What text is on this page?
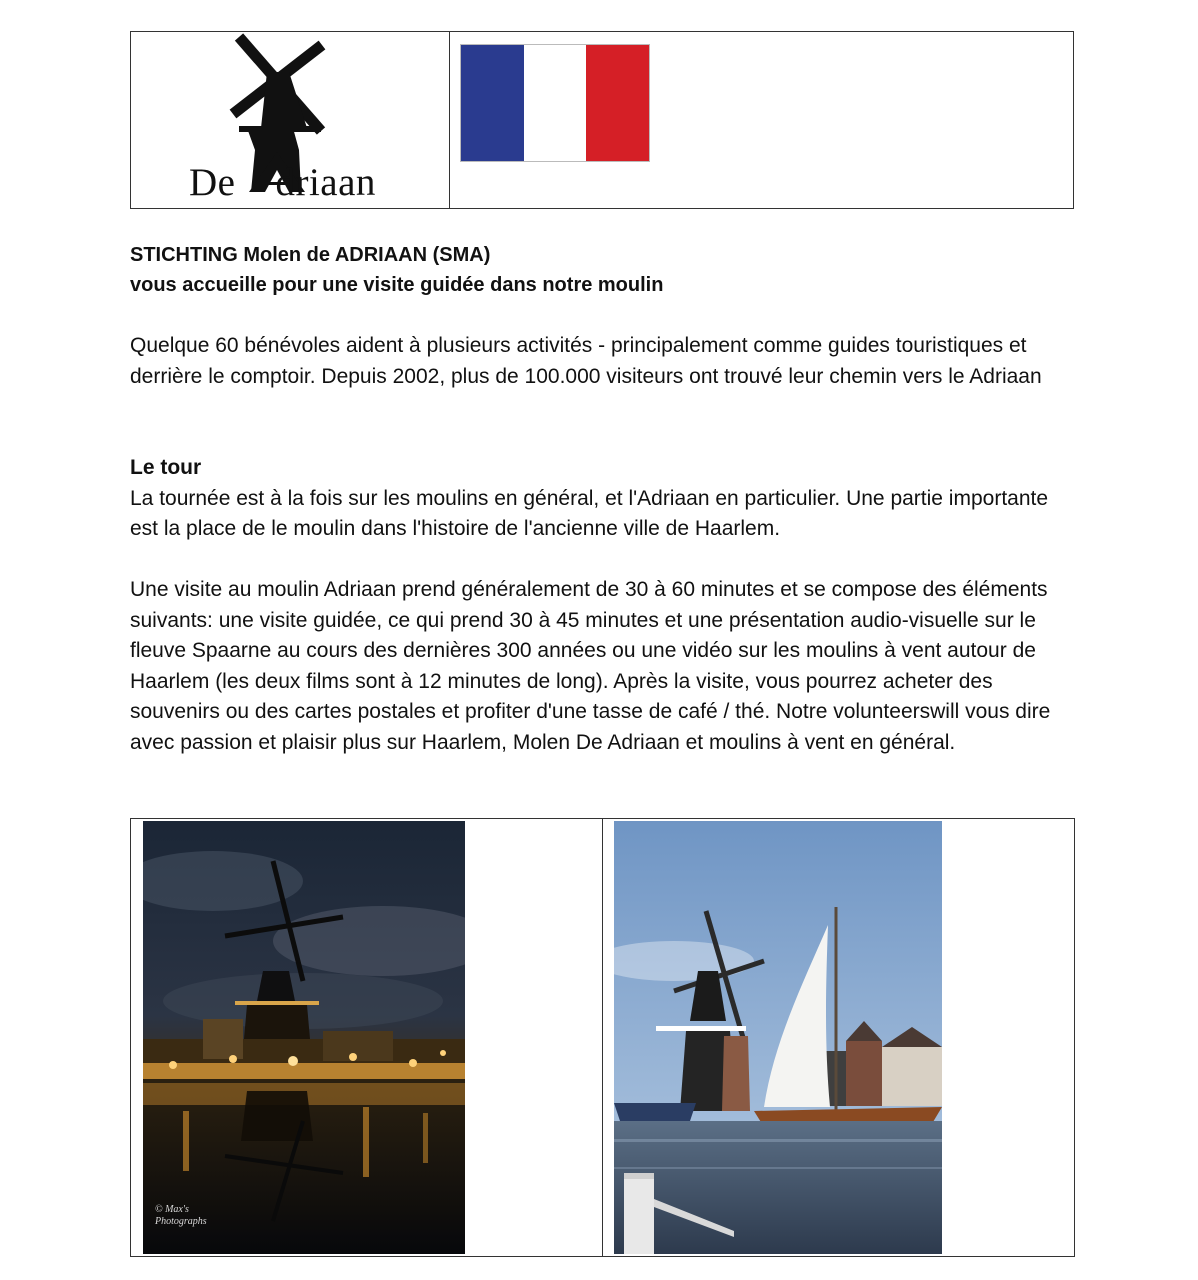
De driaan
STICHTING Molen de ADRIAAN (SMA)
vous accueille pour une visite guidée dans notre moulin

Quelque 60 bénévoles aident à plusieurs activités - principalement comme guides touristiques et derrière le comptoir. Depuis 2002, plus de 100.000 visiteurs ont trouvé leur chemin vers le Adriaan

Le tour

La tournée est à la fois sur les moulins en général, et l'Adriaan en particulier. Une partie importante est la place de le moulin dans l'histoire de l'ancienne ville de Haarlem.

Une visite au moulin Adriaan prend généralement de 30 à 60 minutes et se compose des éléments suivants: une visite guidée, ce qui prend 30 à 45 minutes et une présentation audio-visuelle sur le fleuve Spaarne au cours des dernières 300 années ou une vidéo sur les moulins à vent autour de Haarlem (les deux films sont à 12 minutes de long). Après la visite, vous pourrez acheter des souvenirs ou des cartes postales et profiter d'une tasse de café / thé. Notre volunteerswill vous dire avec passion et plaisir plus sur Haarlem, Molen De Adriaan et moulins à vent en général.

© Max's
Photographs
